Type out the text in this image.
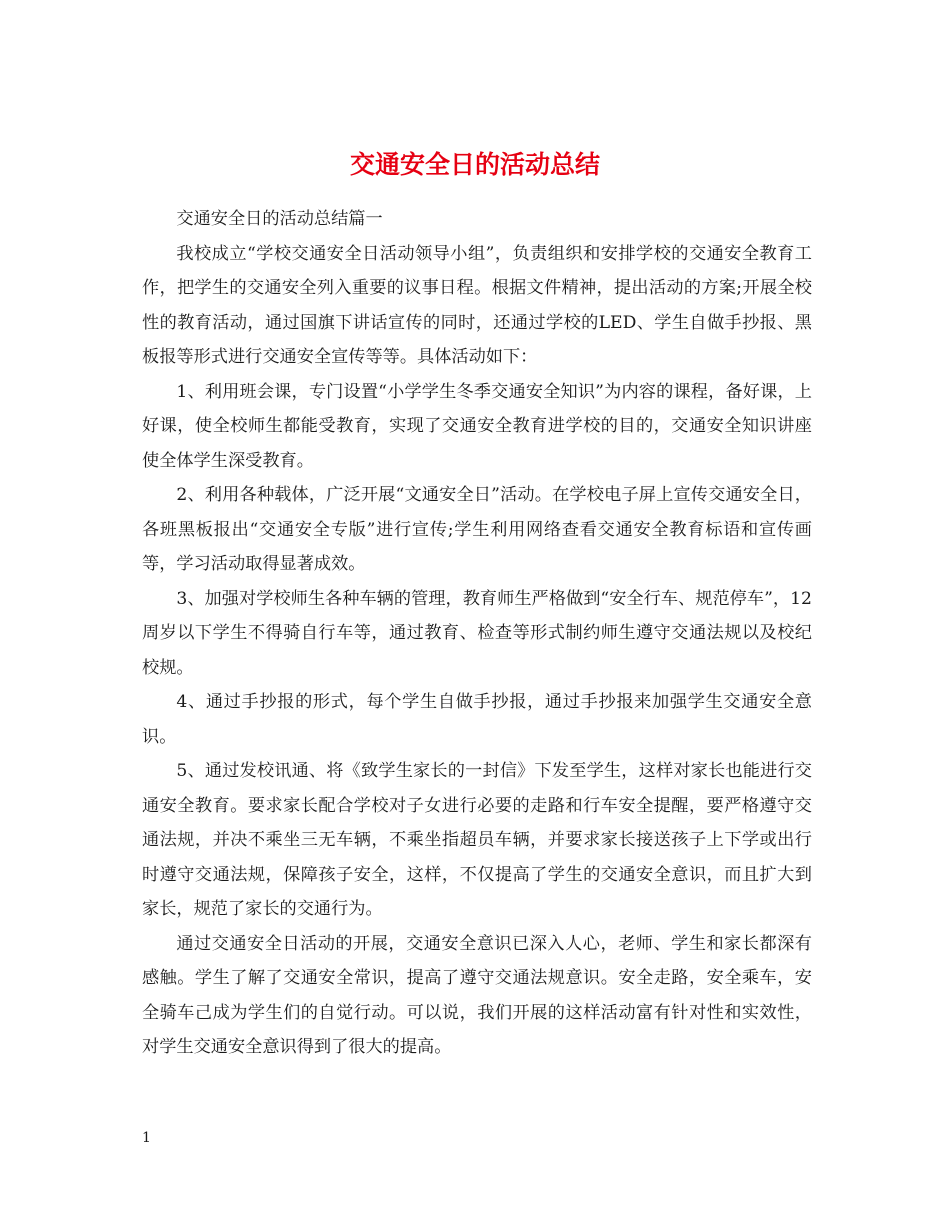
交通安全日的活动总结

交通安全日的活动总结篇一

我校成立“学校交通安全日活动领导小组”，负责组织和安排学校的交通安全教育工作，把学生的交通安全列入重要的议事日程。根据文件精神，提出活动的方案;开展全校性的教育活动，通过国旗下讲话宣传的同时，还通过学校的LED、学生自做手抄报、黑板报等形式进行交通安全宣传等等。具体活动如下：

1、利用班会课，专门设置“小学学生冬季交通安全知识”为内容的课程，备好课，上好课，使全校师生都能受教育，实现了交通安全教育进学校的目的，交通安全知识讲座使全体学生深受教育。

2、利用各种载体，广泛开展“文通安全日”活动。在学校电子屏上宣传交通安全日，各班黑板报出“交通安全专版”进行宣传;学生利用网络查看交通安全教育标语和宣传画等，学习活动取得显著成效。

3、加强对学校师生各种车辆的管理，教育师生严格做到“安全行车、规范停车”，12周岁以下学生不得骑自行车等，通过教育、检查等形式制约师生遵守交通法规以及校纪校规。

4、通过手抄报的形式，每个学生自做手抄报，通过手抄报来加强学生交通安全意识。

5、通过发校讯通、将《致学生家长的一封信》下发至学生，这样对家长也能进行交通安全教育。要求家长配合学校对子女进行必要的走路和行车安全提醒，要严格遵守交通法规，并决不乘坐三无车辆，不乘坐指超员车辆，并要求家长接送孩子上下学或出行时遵守交通法规，保障孩子安全，这样，不仅提高了学生的交通安全意识，而且扩大到家长，规范了家长的交通行为。

通过交通安全日活动的开展，交通安全意识已深入人心，老师、学生和家长都深有感触。学生了解了交通安全常识，提高了遵守交通法规意识。安全走路，安全乘车，安全骑车己成为学生们的自觉行动。可以说，我们开展的这样活动富有针对性和实效性，对学生交通安全意识得到了很大的提高。

1
